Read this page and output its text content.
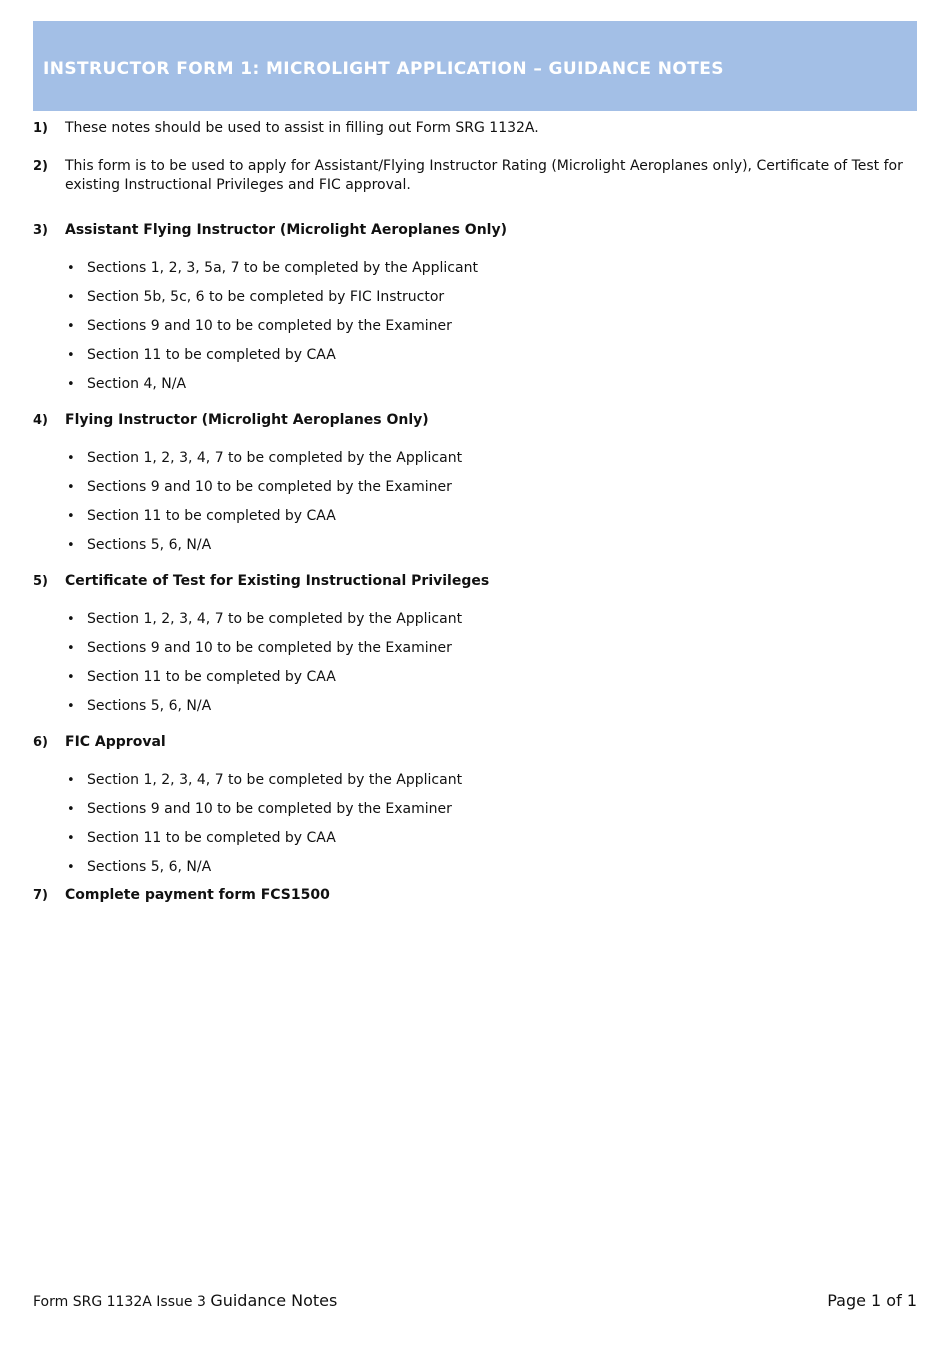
INSTRUCTOR FORM 1: MICROLIGHT APPLICATION – GUIDANCE NOTES
1) These notes should be used to assist in filling out Form SRG 1132A.
2) This form is to be used to apply for Assistant/Flying Instructor Rating (Microlight Aeroplanes only), Certificate of Test for existing Instructional Privileges and FIC approval.
3) Assistant Flying Instructor (Microlight Aeroplanes Only)
• Sections 1, 2, 3, 5a, 7 to be completed by the Applicant
• Section 5b, 5c, 6 to be completed by FIC Instructor
• Sections 9 and 10 to be completed by the Examiner
• Section 11 to be completed by CAA
• Section 4, N/A
4) Flying Instructor (Microlight Aeroplanes Only)
• Section 1, 2, 3, 4, 7 to be completed by the Applicant
• Sections 9 and 10 to be completed by the Examiner
• Section 11 to be completed by CAA
• Sections 5, 6, N/A
5) Certificate of Test for Existing Instructional Privileges
• Section 1, 2, 3, 4, 7 to be completed by the Applicant
• Sections 9 and 10 to be completed by the Examiner
• Section 11 to be completed by CAA
• Sections 5, 6, N/A
6) FIC Approval
• Section 1, 2, 3, 4, 7 to be completed by the Applicant
• Sections 9 and 10 to be completed by the Examiner
• Section 11 to be completed by CAA
• Sections 5, 6, N/A
7) Complete payment form FCS1500
Form SRG 1132A Issue 3 Guidance Notes	Page 1 of 1
